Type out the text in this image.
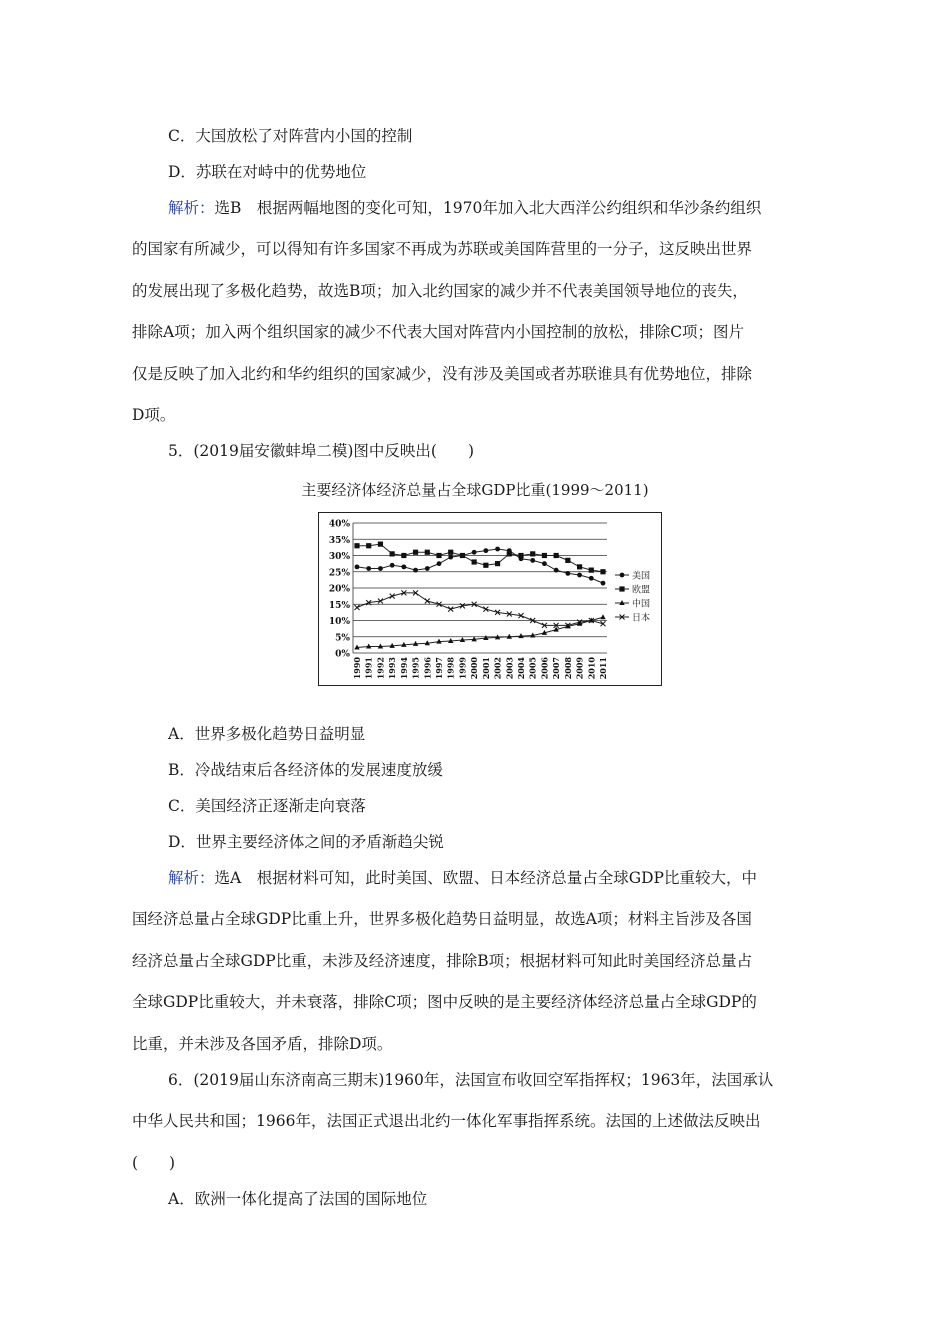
C．大国放松了对阵营内小国的控制
D．苏联在对峙中的优势地位
解析：选B　根据两幅地图的变化可知，1970年加入北大西洋公约组织和华沙条约组织
的国家有所减少，可以得知有许多国家不再成为苏联或美国阵营里的一分子，这反映出世界
的发展出现了多极化趋势，故选B项；加入北约国家的减少并不代表美国领导地位的丧失，
排除A项；加入两个组织国家的减少不代表大国对阵营内小国控制的放松，排除C项；图片
仅是反映了加入北约和华约组织的国家减少，没有涉及美国或者苏联谁具有优势地位，排除
D项。
5．(2019届安徽蚌埠二模)图中反映出(　　)
A．世界多极化趋势日益明显
B．冷战结束后各经济体的发展速度放缓
C．美国经济正逐渐走向衰落
D．世界主要经济体之间的矛盾渐趋尖锐
解析：选A　根据材料可知，此时美国、欧盟、日本经济总量占全球GDP比重较大，中
国经济总量占全球GDP比重上升，世界多极化趋势日益明显，故选A项；材料主旨涉及各国
经济总量占全球GDP比重，未涉及经济速度，排除B项；根据材料可知此时美国经济总量占
全球GDP比重较大，并未衰落，排除C项；图中反映的是主要经济体经济总量占全球GDP的
比重，并未涉及各国矛盾，排除D项。
6．(2019届山东济南高三期末)1960年，法国宣布收回空军指挥权；1963年，法国承认
中华人民共和国；1966年，法国正式退出北约一体化军事指挥系统。法国的上述做法反映出
(　　)
A．欧洲一体化提高了法国的国际地位
主要经济体经济总量占全球GDP比重(1999～2011)
40%
35%
30%
25%
20%
15%
10%
5%
0%
1990 1991 1992 1993 1994 1995 1996 1997 1998 1999 2000 2001 2002 2003 2004 2005 2006 2007 2008 2009 2010 2011
美国
欧盟
中国
日本
